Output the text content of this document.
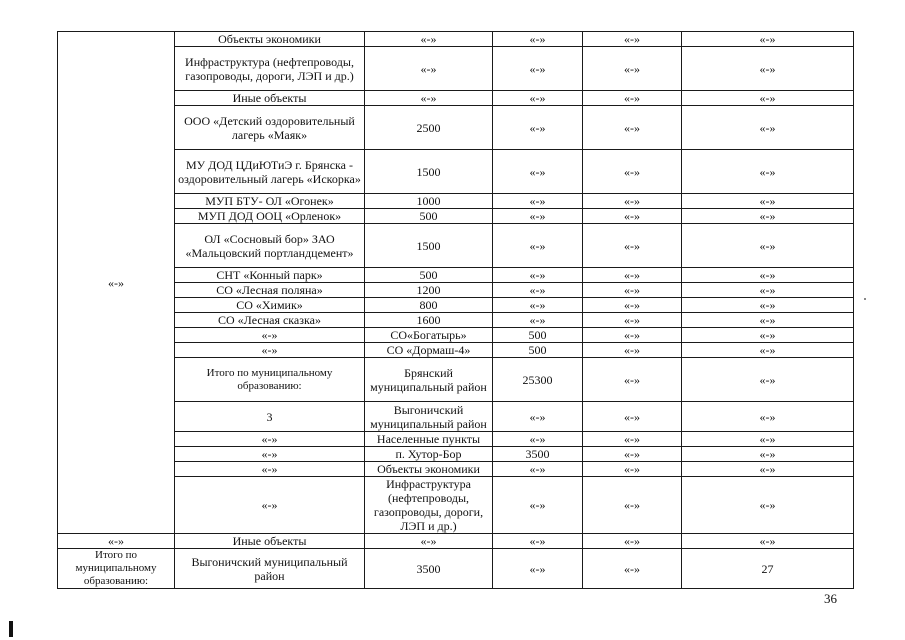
«-»	Объекты экономики	«-»	«-»	«-»	«-»	
	Инфраструктура (нефтепроводы, газопроводы, дороги, ЛЭП и др.)	«-»	«-»	«-»	«-»	
	Иные объекты	«-»	«-»	«-»	«-»	
	ООО «Детский оздоровительный лагерь «Маяк»	2500	«-»	«-»	«-»	
	МУ ДОД ЦДиЮТиЭ г. Брянска - оздоровительный лагерь «Искорка»	1500	«-»	«-»	«-»	
	МУП БТУ- ОЛ «Огонек»	1000	«-»	«-»	«-»	
	МУП ДОД ООЦ «Орленок»	500	«-»	«-»	«-»	
	ОЛ «Сосновый бор» ЗАО «Мальцовский портландцемент»	1500	«-»	«-»	«-»	
	СНТ «Конный парк»	500	«-»	«-»	«-»	
	СО «Лесная поляна»	1200	«-»	«-»	«-»	
	СО «Химик»	800	«-»	«-»	«-»	
	СО «Лесная сказка»	1600	«-»	«-»	«-»	
	«-»	СО«Богатырь»	500	«-»	«-»	
	«-»	СО «Дормаш-4»	500	«-»	«-»	
	Итого по муниципальному образованию:	Брянский муниципальный район	25300	«-»	«-»	
	3	Выгоничский муниципальный район	«-»	«-»	«-»	
	«-»	Населенные пункты	«-»	«-»	«-»	
	«-»	п. Хутор-Бор	3500	«-»	«-»	
	«-»	Объекты экономики	«-»	«-»	«-»	
	«-»	Инфраструктура (нефтепроводы, газопроводы, дороги, ЛЭП и др.)	«-»	«-»	«-»	
«-»	Иные объекты	«-»	«-»	«-»	«-»	
Итого по муниципальному образованию:	Выгоничский муниципальный район	3500	«-»	«-»	27	
36
